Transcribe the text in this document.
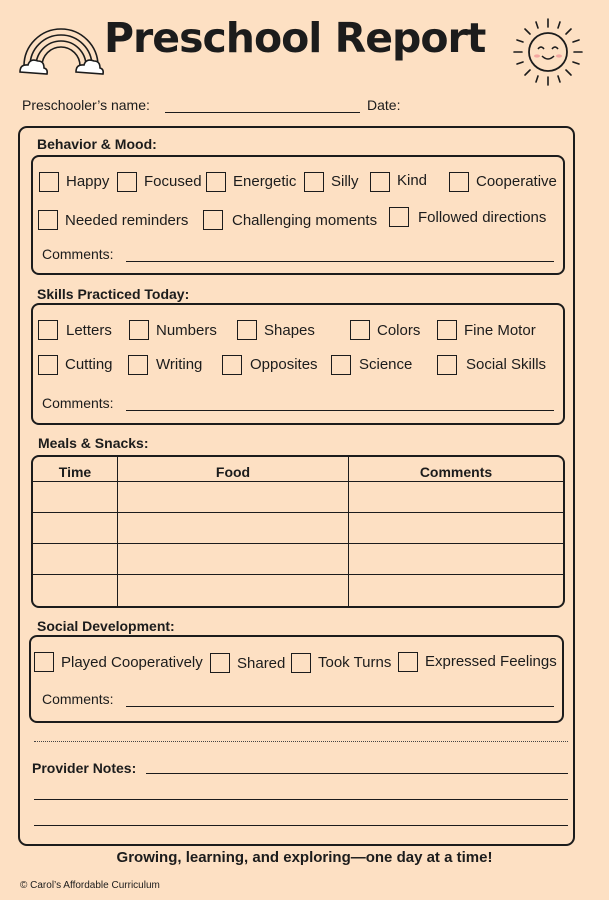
Preschool Report
Preschooler’s name:	Date:
Behavior & Mood:
Happy Focused Energetic Silly	Kind	Cooperative
Needed reminders	Challenging moments	Followed directions
Comments:
Skills Practiced Today:
Letters	Numbers	Shapes	Colors	Fine Motor
Cutting	Writing	Opposites	Science	Social Skills
Comments:
Meals & Snacks:
Time	Food	Comments

Social Development:
Played Cooperatively Shared Took Turns Expressed Feelings
Comments:
Provider Notes:
Growing, learning, and exploring—one day at a time!
© Carol’s Affordable Curriculum
